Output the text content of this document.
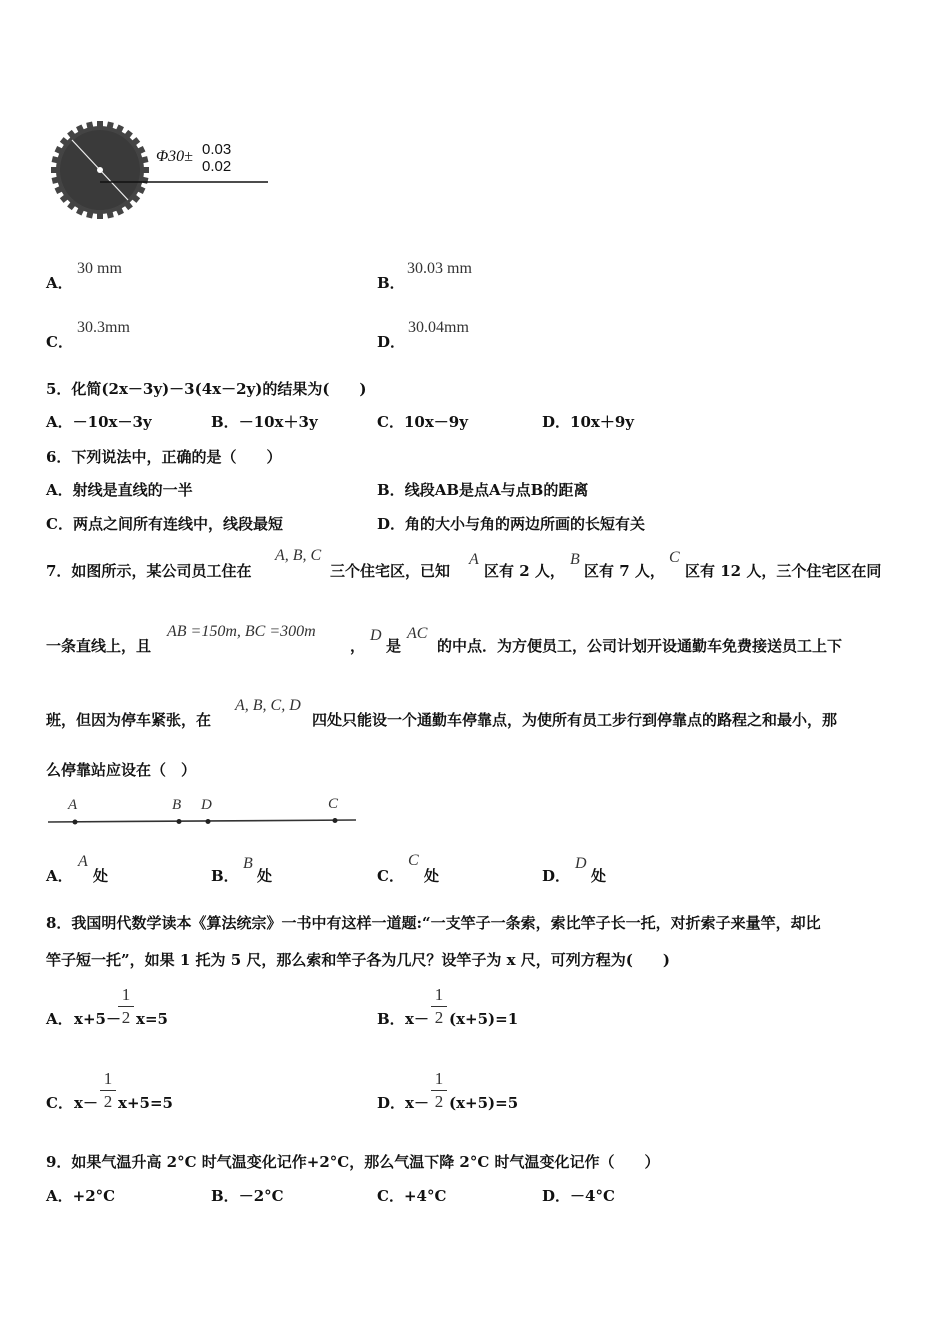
Φ30± 0.03
0.02
A．
30 mm
B．
30.03 mm
C．
30.3mm
D．
30.04mm
5．化简(2x－3y)－3(4x－2y)的结果为(　　)
A．－10x－3y	B．－10x＋3y	C．10x－9y	D．10x＋9y
6．下列说法中，正确的是（　　）
A．射线是直线的一半	B．线段AB是点A与点B的距离
C．两点之间所有连线中，线段最短	D．角的大小与角的两边所画的长短有关
7．如图所示，某公司员工住在
A, B, C
三个住宅区，已知
A
区有 2 人，
B
区有 7 人，
C
区有 12 人，三个住宅区在同
一条直线上，且
AB =150m, BC =300m
，
D
是
AC
的中点．为方便员工，公司计划开设通勤车免费接送员工上下
班，但因为停车紧张，在
A, B, C, D
四处只能设一个通勤车停靠点，为使所有员工步行到停靠点的路程之和最小，那
么停靠站应设在（　）
A	B D	C
A．
A
处	B．
B
处	C．
C
处	D．
D
处
8．我国明代数学读本《算法统宗》一书中有这样一道题:“一支竿子一条索，索比竿子长一托，对折索子来量竿，却比
竿子短一托”，如果 1 托为 5 尺，那么索和竿子各为几尺？设竿子为 x 尺，可列方程为(　　)
A． x+5－
1
2 x=5	B． x－
1
2 (x+5)=1
C． x－
1
2 x+5=5	D． x－
1
2 (x+5)=5
9．如果气温升高 2°C 时气温变化记作+2°C，那么气温下降 2°C 时气温变化记作（　　）
A．+2°C	B．－2°C	C．+4°C	D．－4°C
